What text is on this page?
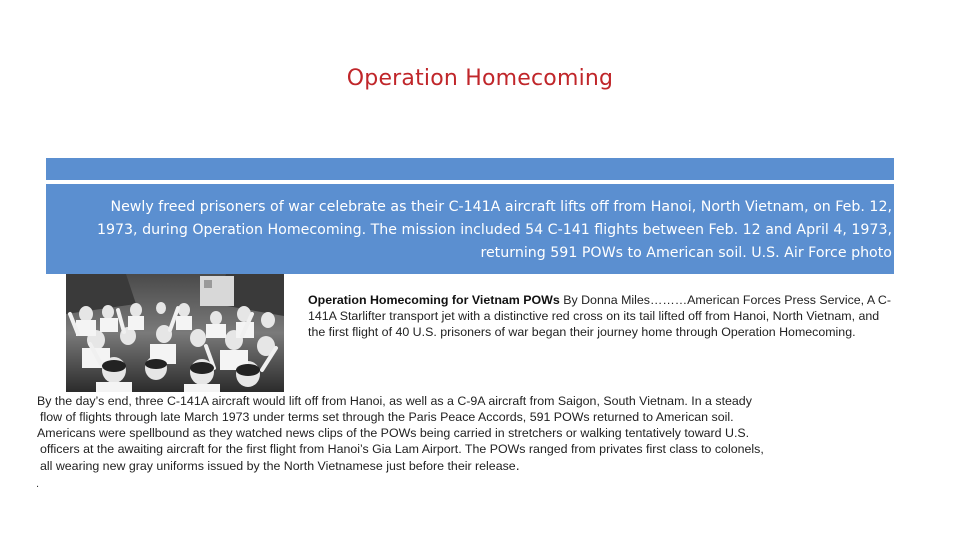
Operation Homecoming
Newly freed prisoners of war celebrate as their C-141A aircraft lifts off from Hanoi, North Vietnam, on Feb. 12,
1973, during Operation Homecoming. The mission included 54 C-141 flights between Feb. 12 and April 4, 1973,
returning 591 POWs to American soil. U.S. Air Force photo
Operation Homecoming for Vietnam POWs By Donna Miles………American Forces Press Service, A C-141A Starlifter transport jet with a distinctive red cross on its tail lifted off from Hanoi, North Vietnam, and the first flight of 40 U.S. prisoners of war began their journey home through Operation Homecoming.
By the day’s end, three C-141A aircraft would lift off from Hanoi, as well as a C-9A aircraft from Saigon, South Vietnam. In a steady
flow of flights through late March 1973 under terms set through the Paris Peace Accords, 591 POWs returned to American soil.
Americans were spellbound as they watched news clips of the POWs being carried in stretchers or walking tentatively toward U.S.
officers at the awaiting aircraft for the first flight from Hanoi’s Gia Lam Airport. The POWs ranged from privates first class to colonels,
all wearing new gray uniforms issued by the North Vietnamese just before their release.
.
